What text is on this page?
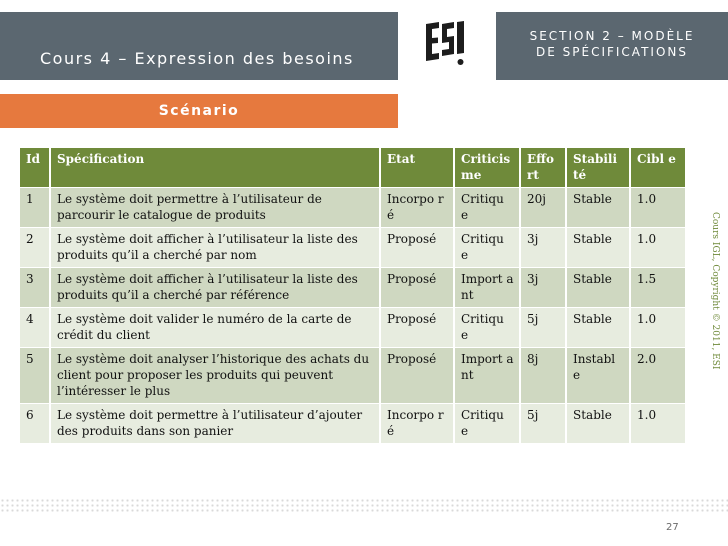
Cours 4 – Expression des besoins
SECTION 2 – MODÈLE
DE SPÉCIFICATIONS
Scénario
Id	Spécification	Etat	Criticis me	Effo rt	Stabili té	Cibl e
1	Le système doit permettre à l’utilisateur de parcourir le catalogue de produits	Incorpo ré	Critiqu e	20j	Stable	1.0
2	Le système doit afficher à l’utilisateur la liste des produits qu’il a cherché par nom	Proposé	Critiqu e	3j	Stable	1.0
3	Le système doit afficher à l’utilisateur la liste des produits qu’il a cherché par référence	Proposé	Import ant	3j	Stable	1.5
4	Le système doit valider le numéro de la carte de crédit du client	Proposé	Critiqu e	5j	Stable	1.0
5	Le système doit analyser l’historique des achats du client pour proposer les produits qui peuvent l’intéresser le plus	Proposé	Import ant	8j	Instabl e	2.0
6	Le système doit permettre à l’utilisateur d’ajouter des produits dans son panier	Incorpo ré	Critiqu e	5j	Stable	1.0
Cours IGL, Copyright © 2011, ESI
27
